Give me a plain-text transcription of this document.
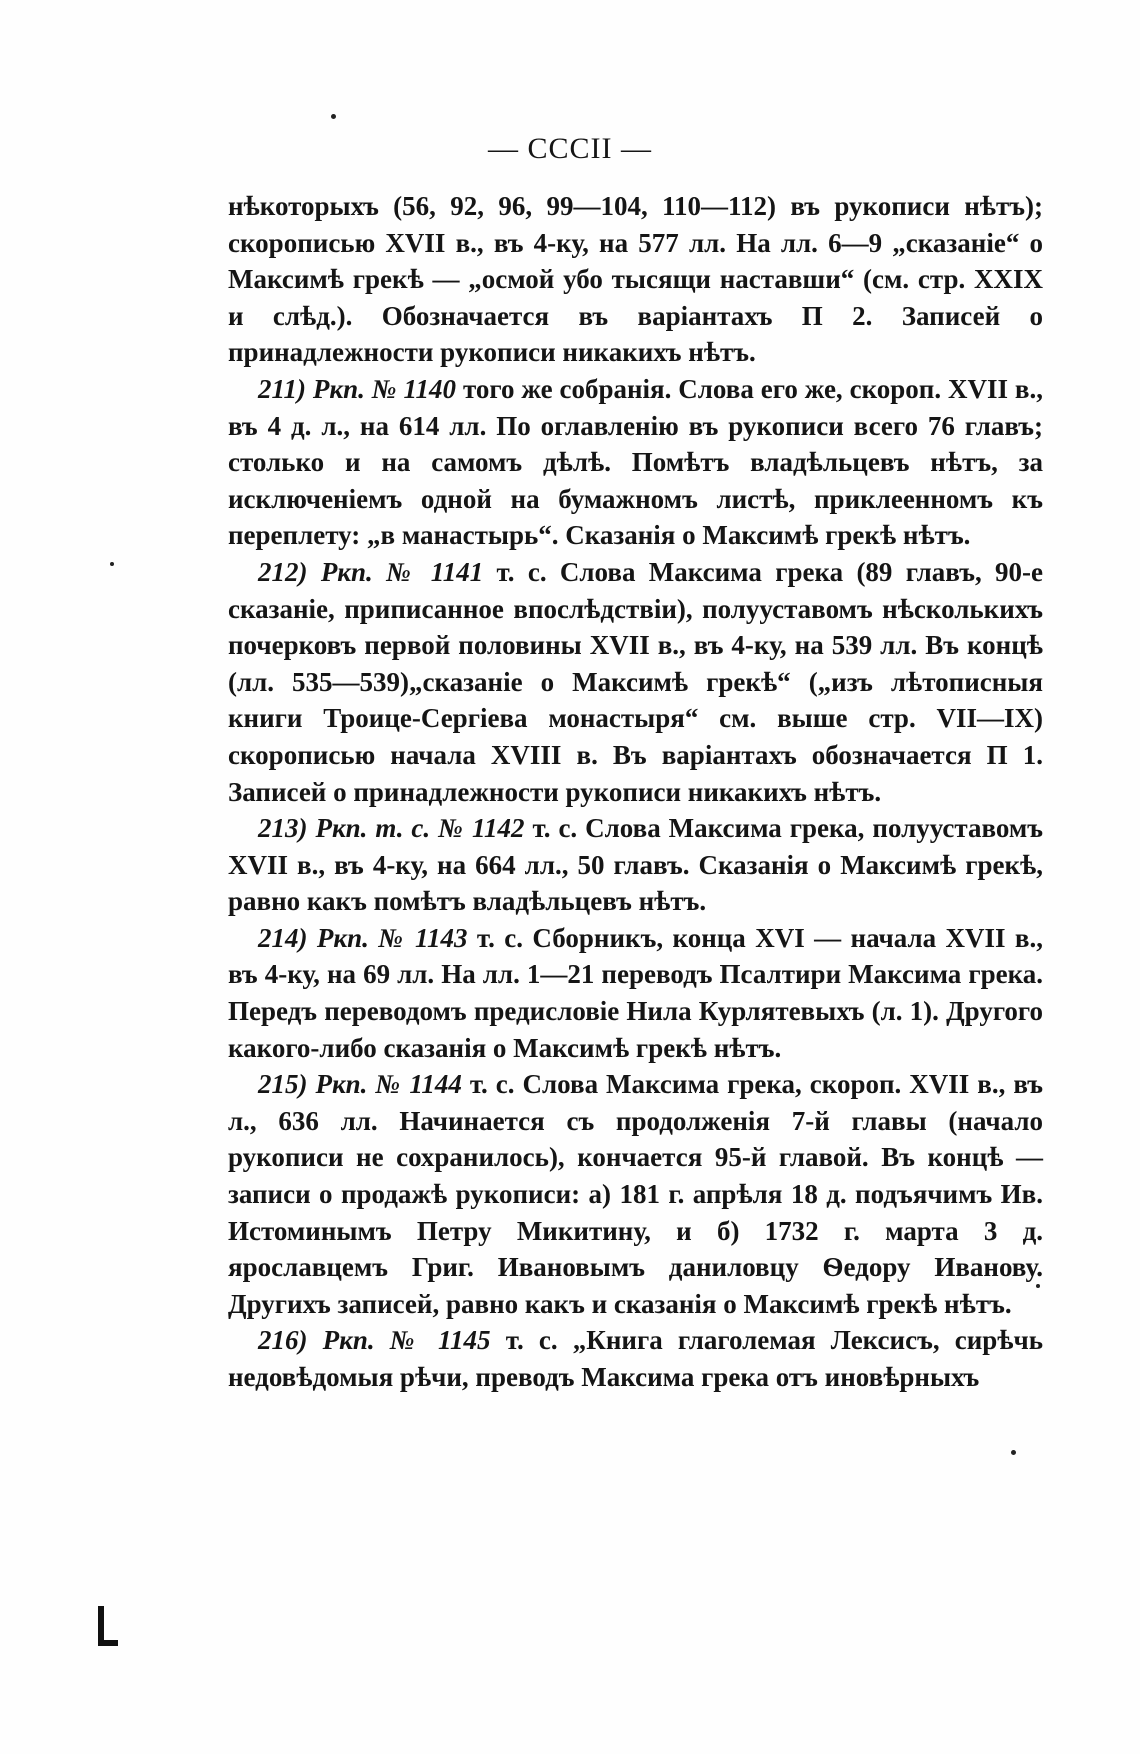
— CCCII —

нѣкоторыхъ (56, 92, 96, 99—104, 110—112) въ рукописи нѣтъ); скорописью XVII в., въ 4-ку, на 577 лл. На лл. 6—9 „сказаніе“ о Максимѣ грекѣ — „осмой убо тысящи наставши“ (см. стр. XXIX и слѣд.). Обозначается въ варіантахъ П 2. Записей о принадлежности рукописи никакихъ нѣтъ.

211) Ркп. № 1140 того же собранія. Слова его же, скороп. XVII в., въ 4 д. л., на 614 лл. По оглавленію въ рукописи всего 76 главъ; столько и на самомъ дѣлѣ. Помѣтъ владѣльцевъ нѣтъ, за исключеніемъ одной на бумажномъ листѣ, приклеенномъ къ переплету: „в манастырь“. Сказанія о Максимѣ грекѣ нѣтъ.

212) Ркп. № 1141 т. с. Слова Максима грека (89 главъ, 90-е сказаніе, приписанное впослѣдствіи), полууставомъ нѣсколькихъ почерковъ первой половины XVII в., въ 4-ку, на 539 лл. Въ концѣ (лл. 535—539)„сказаніе о Максимѣ грекѣ“ („изъ лѣтописныя книги Троице-Сергіева монастыря“ см. выше стр. VII—IX) скорописью начала XVIII в. Въ варіантахъ обозначается П 1. Записей о принадлежности рукописи никакихъ нѣтъ.

213) Ркп. т. с. № 1142 т. с. Слова Максима грека, полууставомъ XVII в., въ 4-ку, на 664 лл., 50 главъ. Сказанія о Максимѣ грекѣ, равно какъ помѣтъ владѣльцевъ нѣтъ.

214) Ркп. № 1143 т. с. Сборникъ, конца XVI — начала XVII в., въ 4-ку, на 69 лл. На лл. 1—21 переводъ Псалтири Максима грека. Передъ переводомъ предисловіе Нила Курлятевыхъ (л. 1). Другого какого-либо сказанія о Максимѣ грекѣ нѣтъ.

215) Ркп. № 1144 т. с. Слова Максима грека, скороп. XVII в., въ л., 636 лл. Начинается съ продолженія 7-й главы (начало рукописи не сохранилось), кончается 95-й главой. Въ концѣ — записи о продажѣ рукописи: а) 181 г. апрѣля 18 д. подъячимъ Ив. Истоминымъ Петру Микитину, и б) 1732 г. марта 3 д. ярославцемъ Григ. Ивановымъ даниловцу Ѳедору Иванову. Другихъ записей, равно какъ и сказанія о Максимѣ грекѣ нѣтъ.

216) Ркп. № 1145 т. с. „Книга глаголемая Лексисъ, сирѣчь недовѣдомыя рѣчи, преводъ Максима грека отъ иновѣрныхъ
